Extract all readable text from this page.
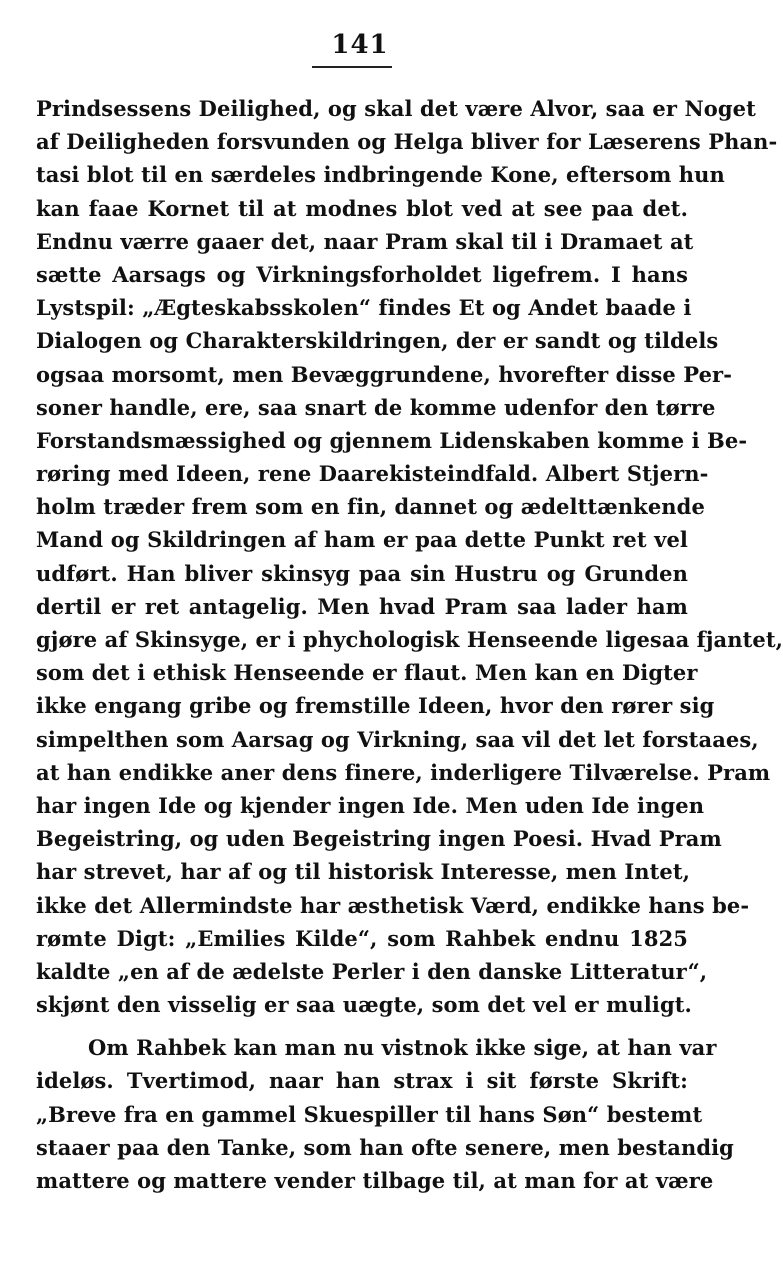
141
Prindsessens Deilighed, og skal det være Alvor, saa er Noget
af Deiligheden forsvunden og Helga bliver for Læserens Phan-
tasi blot til en særdeles indbringende Kone, eftersom hun
kan faae Kornet til at modnes blot ved at see paa det.
Endnu værre gaaer det, naar Pram skal til i Dramaet at
sætte Aarsags og Virkningsforholdet ligefrem. I hans
Lystspil: „Ægteskabsskolen“ findes Et og Andet baade i
Dialogen og Charakterskildringen, der er sandt og tildels
ogsaa morsomt, men Bevæggrundene, hvorefter disse Per-
soner handle, ere, saa snart de komme udenfor den tørre
Forstandsmæssighed og gjennem Lidenskaben komme i Be-
røring med Ideen, rene Daarekisteindfald. Albert Stjern-
holm træder frem som en fin, dannet og ædelttænkende
Mand og Skildringen af ham er paa dette Punkt ret vel
udført. Han bliver skinsyg paa sin Hustru og Grunden
dertil er ret antagelig. Men hvad Pram saa lader ham
gjøre af Skinsyge, er i phychologisk Henseende ligesaa fjantet,
som det i ethisk Henseende er flaut. Men kan en Digter
ikke engang gribe og fremstille Ideen, hvor den rører sig
simpelthen som Aarsag og Virkning, saa vil det let forstaaes,
at han endikke aner dens finere, inderligere Tilværelse. Pram
har ingen Ide og kjender ingen Ide. Men uden Ide ingen
Begeistring, og uden Begeistring ingen Poesi. Hvad Pram
har strevet, har af og til historisk Interesse, men Intet,
ikke det Allermindste har æsthetisk Værd, endikke hans be-
rømte Digt: „Emilies Kilde“, som Rahbek endnu 1825
kaldte „en af de ædelste Perler i den danske Litteratur“,
skjønt den visselig er saa uægte, som det vel er muligt.
Om Rahbek kan man nu vistnok ikke sige, at han var
ideløs. Tvertimod, naar han strax i sit første Skrift:
„Breve fra en gammel Skuespiller til hans Søn“ bestemt
staaer paa den Tanke, som han ofte senere, men bestandig
mattere og mattere vender tilbage til, at man for at være
